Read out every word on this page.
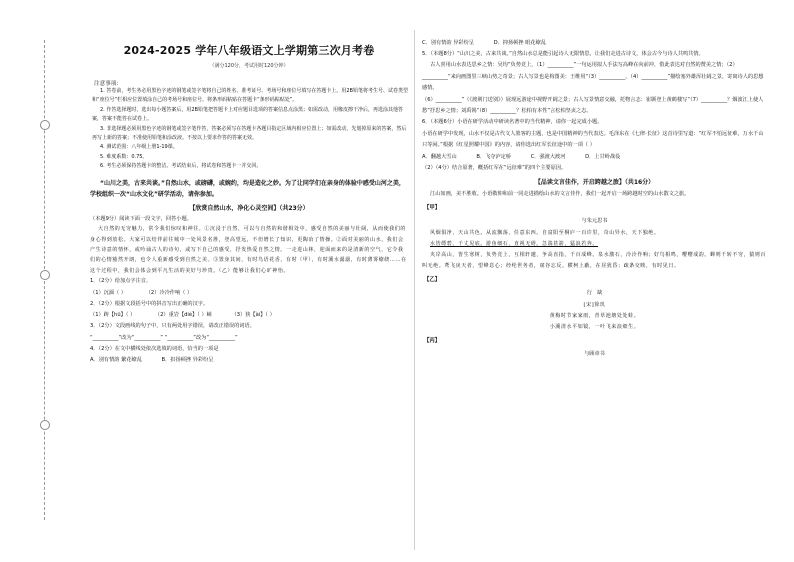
2024-2025 学年八年级语文上学期第三次月考卷

（满分120分，考试用时120分钟）

注意事项：

1. 答卷前，考生务必用黑色字迹的钢笔或签字笔将自己的姓名、准考证号、考场号和座位号填写在答题卡上。用2B铅笔将考生号、试卷类型和“座位号”栏相应位置填涂自己的考场号和座位号。将条形码粘贴在答题卡“条形码粘贴处”。

2. 作答选择题时，选出每小题答案后，用2B铅笔把答题卡上对应题目选项的答案信息点涂黑；如需改动，用橡皮擦干净后，再选涂其他答案，答案不能答在试卷上。

3. 非选择题必须用黑色字迹的钢笔或签字笔作答，答案必须写在答题卡各题目指定区域内相应位置上；如需改动，先划掉原来的答案，然后再写上新的答案；不准使用铅笔和涂改液。不按以上要求作答的答案无效。

4. 测试范围：八年级上册1-19课。

5. 难度系数：0.75。

6. 考生必须保持答题卡的整洁。考试结束后，将试卷和答题卡一并交回。

“山川之美，古来共谈。”自然山水，或磅礴，或婉约，均是造化之妙。为了让同学们在亲身的体验中感受山河之美，学校组织一次“山水文化”研学活动，请你参加。

【欣赏自然山水，净化心灵空间】（共23分）

（本题9分）阅读下面一段文字，回答小题。

大自然的无穷魅力，常令我们惊叹和神往。①沉浸于自然，可以与自然的和谐相处中，感受自然的美丽与壮阔，从而使我们的身心得到放松。大家可以结伴前往城中一处风景名胜，登高望远，不但增长了知识，更陶冶了情操。②面对美丽的山水，我们会产生诗意的情怀，或吟诵古人的诗句，或写下自己的感受，抒发热爱自然之情。一走进山林，迎面而来的是清新的空气，它令我们的心情豁然开朗，也令人重新感受到自然之美。③置身其间，有时鸟语花香，有时（甲），有时溪水潺潺，有时薄雾缭绕……在这个过程中，我们会体会到平凡生活的美好与珍贵。（乙）能够让我们心旷神怡。

1．（2分）给加点字注音。

（1）沉湎（ ）	（2）冷冷作响（ ）

2．（2分）根据文段括号中的拼音写出正确的汉字。

（1）踌【hū】（ ）	（2）重岩【dié】（ ）嶂	（3）狭【ài】（ ）

3．（2分）文段画线的句子中，只有两处用字错误，请改正错误的词语。

“__________”改为“__________” “__________”改为“__________”

4．（2分）在文中横线处依次选填的词语，恰当的一项是

A．别有情韵 繁花缭乱	B．扣扬顿挫 异彩纷呈

C．别有情韵 异彩纷呈	D．抑扬顿挫 眼花缭乱

5．（本题8分）“山川之美，古来共谈。”自然山水总是能引起诗人无限情思，让我们走进古诗文，体会古今与诗人共鸣共情。

古人喜用山水表达思乡之情：吴均“负势竞上，（1）__________”一句运用拟人手法写高峰在向前冲，借此表达对自然的赞美之情；（2）__________“来向画图里三峡山势之奇景；古人写景也是构图美：王维用“（3）__________，（4）__________”描绘塞外雄浑壮阔之景，寄寓诗人的思想感情。

（6）__________”（《渡荆门送别》）展现远游途中视野开阔之景；古人写景情意交融，托物言志：崔颢登上黄鹤楼写“（7）__________？烟波江上使人愁”抒思乡之情；刘禹锡“（8）__________？松柏有本性”言松柏坚贞之志。

6．（本题6分）小语在研学活动中研读名著中的当代精神，请你一起完成小题。

小语在研学中发现，山水不仅是古代文人墨客的主题，也是中国精神的当代表达。毛泽东在《七律·长征》这首诗里写道：“红军不怕远征难，万水千山只等闲。”根据《红星照耀中国》的内容，请你选出红军长征途中的一项（ ）

A．翻越大雪山	B．飞夺泸定桥	C．强渡大渡河	D．上甘岭战役

（2）（4分）结合原著，概括红军在“远征难”的四个主要原因。

【品读文言佳作，开启跨越之旅】（共16分）

江山如画，美不胜收。小语敬仰和前一同走进描绘山水的文言佳作，我们一起开启一场跨越时空的山水散文之旅。

【甲】

与朱元思书

风烟俱净，天山共色。从流飘荡，任意东西。自富阳至桐庐一百许里，奇山异水，天下独绝。

水皆缥碧，千丈见底。游鱼细石，直视无碍。急湍甚箭，猛浪若奔。

夹岸高山，皆生寒树，负势竞上，互相轩邈，争高直指，千百成峰。泉水激石，泠泠作响；好鸟相鸣，嘤嘤成韵。蝉则千转不穷，猿则百叫无绝。鸢飞戾天者，望峰息心；经纶世务者，窥谷忘反。横柯上蔽，在昼犹昏；疏条交映，有时见日。

【乙】

行　缺

[宋]徐玑

黄梅时节家家雨，青草池塘处处蛙。

小溪清水平如镜，一叶飞来浪细生。

【丙】

与顾章书
